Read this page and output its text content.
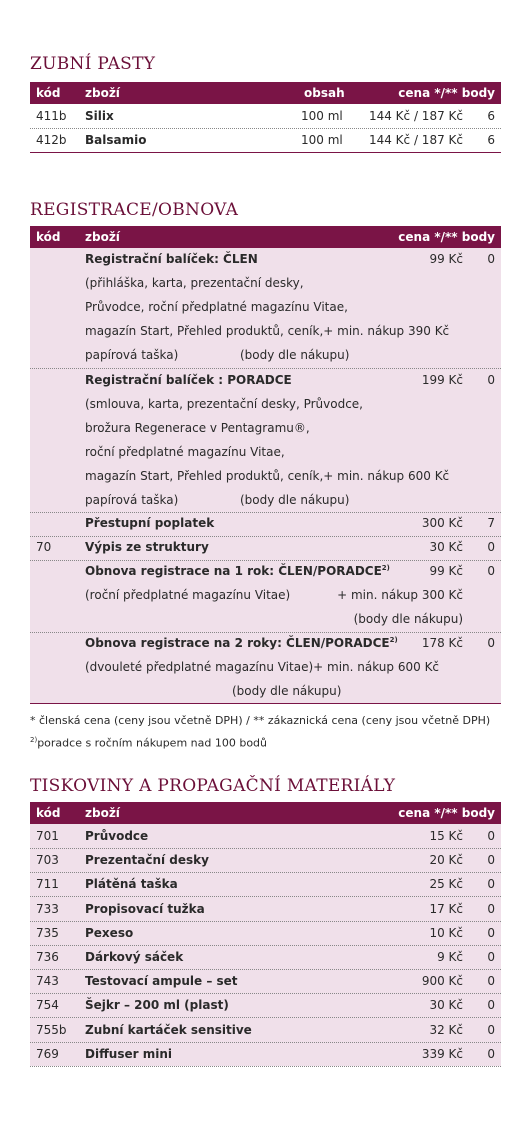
ZUBNÍ PASTY
kód zboží	obsah	cena */** body
411b Silix	100 ml 144 Kč / 187 Kč 6
412b Balsamio	100 ml 144 Kč / 187 Kč 6
REGISTRACE/OBNOVA
kód zboží	cena */** body
Registrační balíček: ČLEN	99 Kč 0
(přihláška, karta, prezentační desky,
Průvodce, roční předplatné magazínu Vitae,
magazín Start, Přehled produktů, ceník,+ min. nákup 390 Kč
papírová taška)	(body dle nákupu)
Registrační balíček : PORADCE	199 Kč 0
(smlouva, karta, prezentační desky, Průvodce,
brožura Regenerace v Pentagramu®,
roční předplatné magazínu Vitae,
magazín Start, Přehled produktů, ceník,+ min. nákup 600 Kč
papírová taška)	(body dle nákupu)
Přestupní poplatek	300 Kč 7
70	Výpis ze struktury	30 Kč 0
Obnova registrace na 1 rok: ČLEN/PORADCE$^{2)}$	99 Kč 0
(roční předplatné magazínu Vitae)	+ min. nákup 300 Kč
(body dle nákupu)
Obnova registrace na 2 roky: ČLEN/PORADCE$^{2)}$ 178 Kč 0
(dvouleté předplatné magazínu Vitae)+ min. nákup 600 Kč
(body dle nákupu)
* členská cena (ceny jsou včetně DPH) / ** zákaznická cena (ceny jsou včetně DPH)
$^{2)}$poradce s ročním nákupem nad 100 bodů
TISKOVINY A PROPAGAČNÍ MATERIÁLY
kód zboží	cena */** body
701 Průvodce	15 Kč 0
703 Prezentační desky	20 Kč 0
711 Plátěná taška	25 Kč 0
733 Propisovací tužka	17 Kč 0
735 Pexeso	10 Kč 0
736 Dárkový sáček	9 Kč 0
743 Testovací ampule – set	900 Kč 0
754 Šejkr – 200 ml (plast)	30 Kč 0
755b Zubní kartáček sensitive	32 Kč 0
769 Diffuser mini	339 Kč 0
